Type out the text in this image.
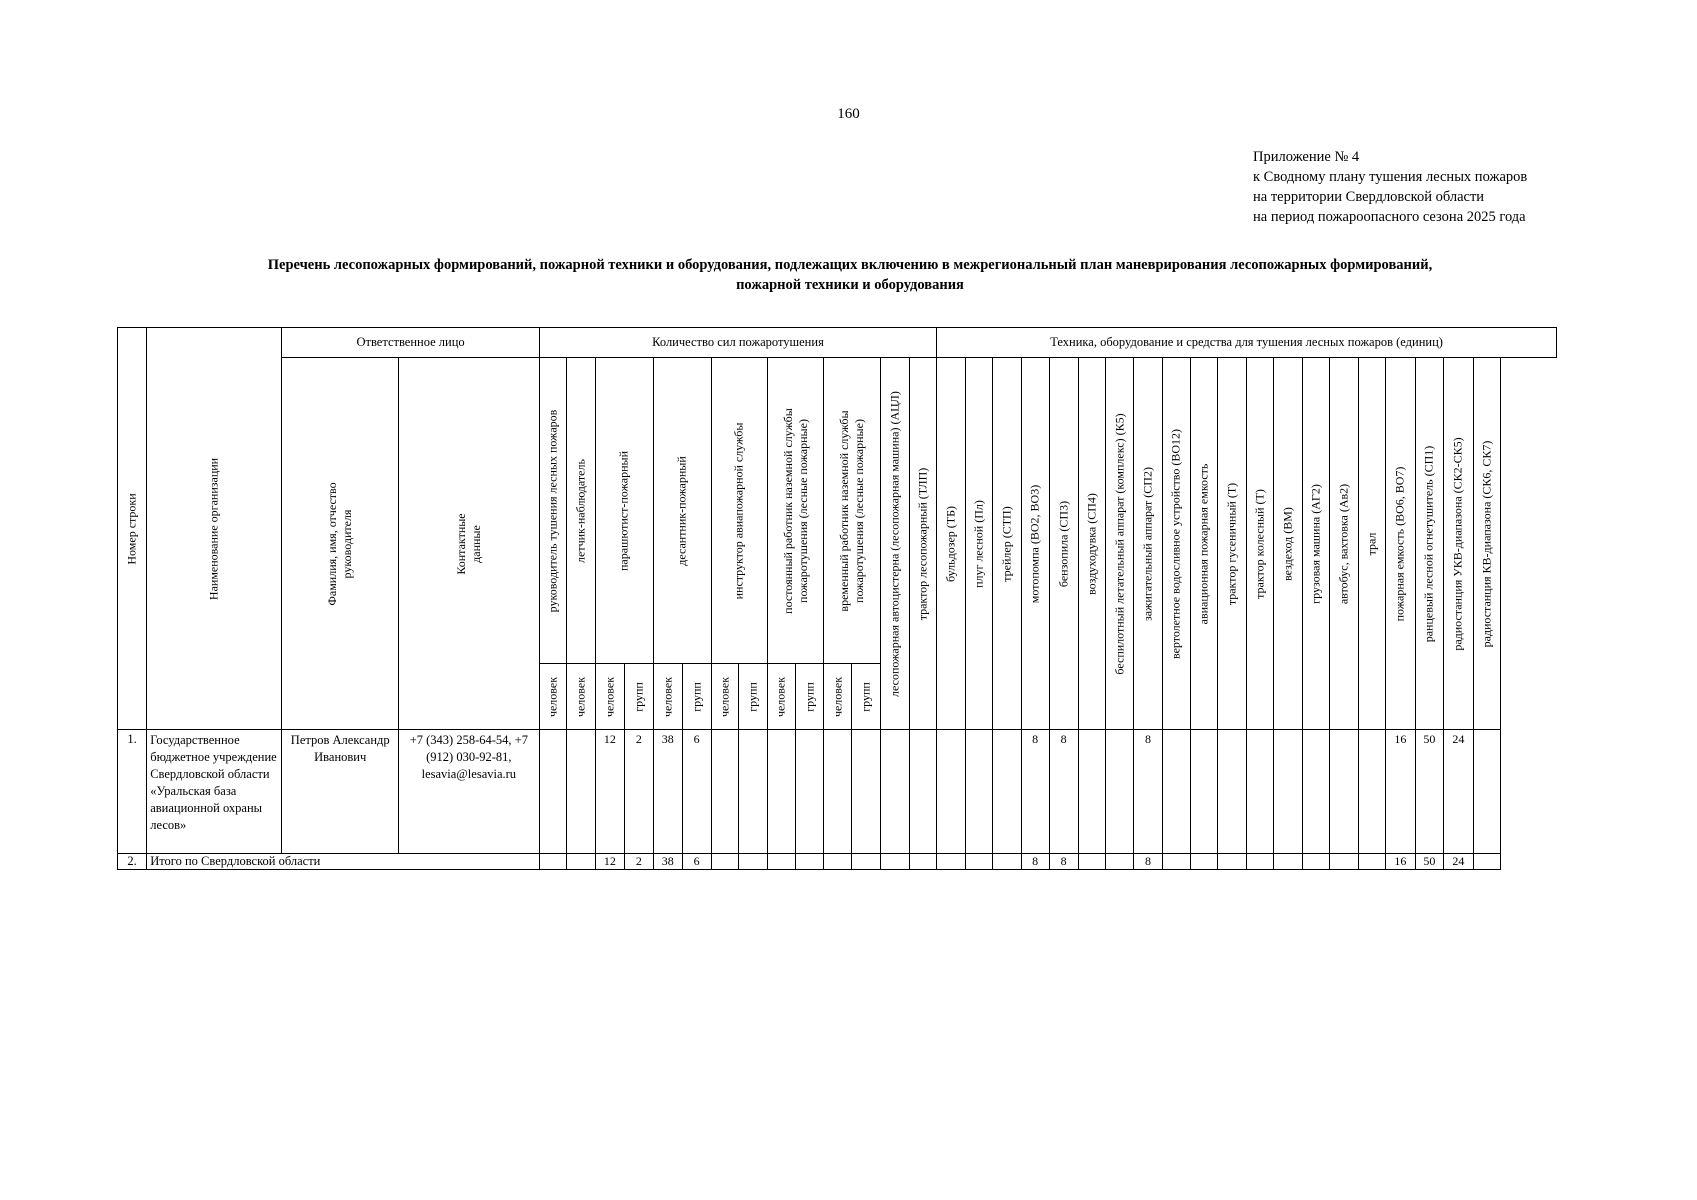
160
Приложение № 4
к Сводному плану тушения лесных пожаров
на территории Свердловской области
на период пожароопасного сезона 2025 года
Перечень лесопожарных формирований, пожарной техники и оборудования, подлежащих включению в межрегиональный план маневрирования лесопожарных формирований,
пожарной техники и оборудования
Номер строки	Наименование организации	Ответственное лицо		Количество сил пожаротушения														Техника, оборудование и средства для тушения лесных пожаров (единиц)																			

		Фамилия, имя, отчество руководителя	Контактные данные	руководитель тушения лесных пожаров	летчик-наблюдатель	парашютист-пожарный		десантник-пожарный		инструктор авиапожарной службы		постоянный работник наземной службы пожаротушения (лесные пожарные)		временный работник наземной службы пожаротушения (лесные пожарные)		лесопожарная автоцистерна (лесопожарная машина) (АЦЛ)	трактор лесопожарный (ТЛП)	бульдозер (ТБ)	плуг лесной (Пл)	трейлер (СТП)	мотопомпа (ВО2, ВО3)	бензопила (СП3)	воздуходувка (СП4)	беспилотный летательный аппарат (комплекс) (К5)	зажигательный аппарат (СП2)	вертолетное водосливное устройство (ВО12)	авиационная пожарная емкость	трактор гусеничный (Т)	трактор колесный (Т)	вездеход (ВМ)	грузовая машина (АГ2)	автобус, вахтовка (Ав2)	трал	пожарная емкость (ВО6, ВО7)	ранцевый лесной огнетушитель (СП1)	радиостанция УКВ-диапазона (СК2-СК5)	радиостанция КВ-диапазона (СК6, СК7)

				человек	человек	человек	групп	человек	групп	человек	групп	человек	групп	человек	групп																						

1.	Государственное бюджетное учреждение Свердловской области «Уральская база авиационной охраны лесов»	Петров Александр Иванович	+7 (343) 258-64-54, +7 (912) 030-92-81, lesavia@lesavia.ru			12	2	38	6												8	8			8									16	50	24	
2.	Итого по Свердловской области					12	2	38	6												8	8			8									16	50	24	
